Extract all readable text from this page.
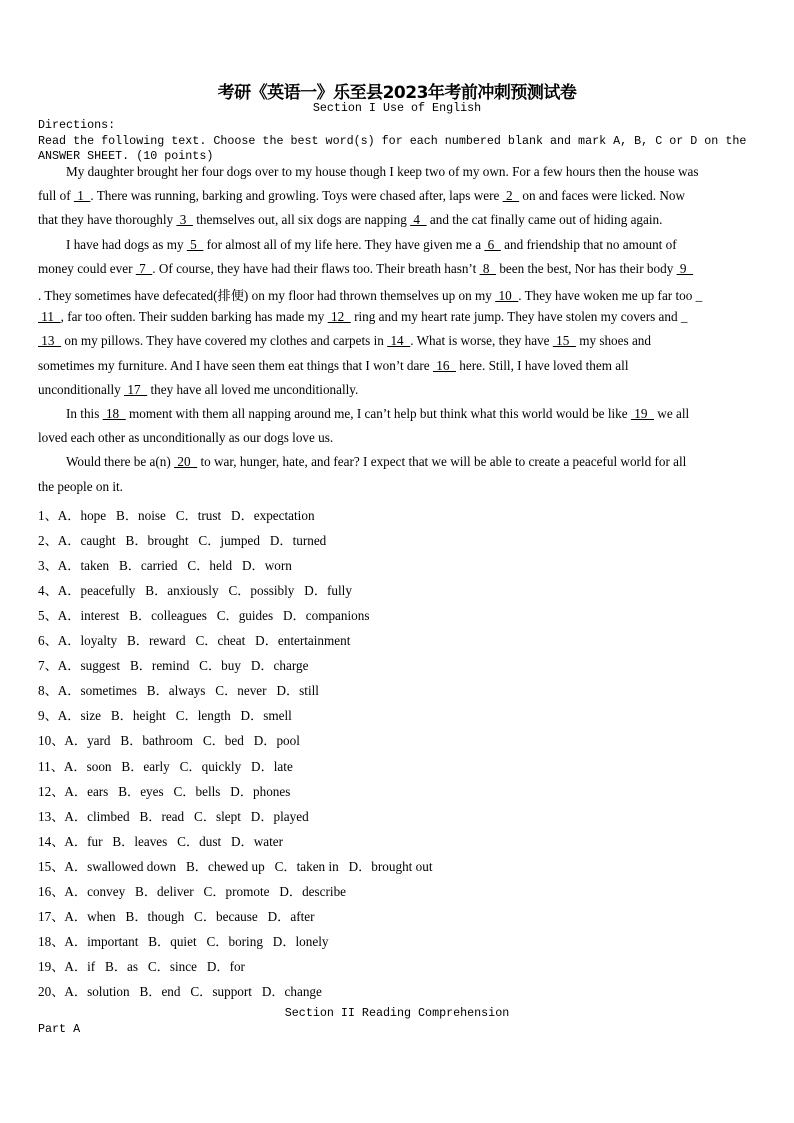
考研《英语一》乐至县2023年考前冲刺预测试卷
Section I Use of English
Directions:
Read the following text. Choose the best word(s) for each numbered blank and mark A, B, C or D on the
ANSWER SHEET. (10 points)
My daughter brought her four dogs over to my house though I keep two of my own. For a few hours then the house was
full of  1  . There was running, barking and growling. Toys were chased after, laps were  2   on and faces were licked. Now
that they have thoroughly  3   themselves out, all six dogs are napping  4   and the cat finally came out of hiding again.
I have had dogs as my  5   for almost all of my life here. They have given me a  6   and friendship that no amount of
money could ever  7  . Of course, they have had their flaws too. Their breath hasn’t  8   been the best, Nor has their body  9
. They sometimes have defecated(排便) on my floor had thrown themselves up on my  10  . They have woken me up far too _
11  , far too often. Their sudden barking has made my  12   ring and my heart rate jump. They have stolen my covers and _
13   on my pillows. They have covered my clothes and carpets in  14  . What is worse, they have  15   my shoes and
sometimes my furniture. And I have seen them eat things that I won’t dare  16   here. Still, I have loved them all
unconditionally  17   they have all loved me unconditionally.
In this  18   moment with them all napping around me, I can’t help but think what this world would be like  19   we all
loved each other as unconditionally as our dogs love us.
Would there be a(n)  20   to war, hunger, hate, and fear? I expect that we will be able to create a peaceful world for all
the people on it.
1、A．hope   B．noise   C．trust   D．expectation
2、A．caught   B．brought   C．jumped   D．turned
3、A．taken   B．carried   C．held   D．worn
4、A．peacefully   B．anxiously   C．possibly   D．fully
5、A．interest   B．colleagues   C．guides   D．companions
6、A．loyalty   B．reward   C．cheat   D．entertainment
7、A．suggest   B．remind   C．buy   D．charge
8、A．sometimes   B．always   C．never   D．still
9、A．size   B．height   C．length   D．smell
10、A．yard   B．bathroom   C．bed   D．pool
11、A．soon   B．early   C．quickly   D．late
12、A．ears   B．eyes   C．bells   D．phones
13、A．climbed   B．read   C．slept   D．played
14、A．fur   B．leaves   C．dust   D．water
15、A．swallowed down   B．chewed up   C．taken in   D．brought out
16、A．convey   B．deliver   C．promote   D．describe
17、A．when   B．though   C．because   D．after
18、A．important   B．quiet   C．boring   D．lonely
19、A．if   B．as   C．since   D．for
20、A．solution   B．end   C．support   D．change
Section II Reading Comprehension
Part A
